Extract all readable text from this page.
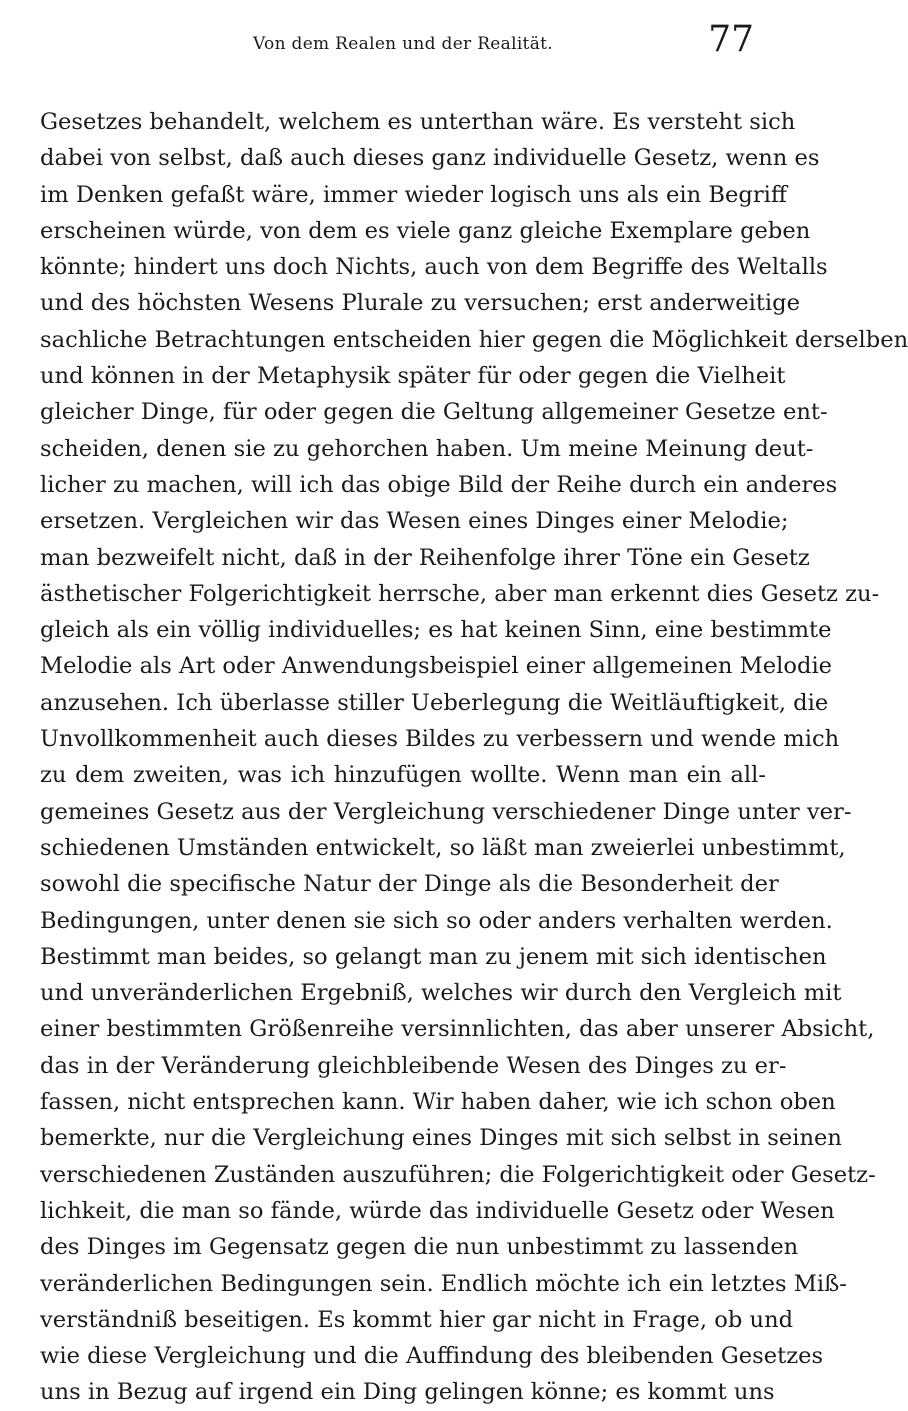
Von dem Realen und der Realität.	77
Gesetzes behandelt, welchem es unterthan wäre. Es versteht sich
dabei von selbst, daß auch dieses ganz individuelle Gesetz, wenn es
im Denken gefaßt wäre, immer wieder logisch uns als ein Begriff
erscheinen würde, von dem es viele ganz gleiche Exemplare geben
könnte; hindert uns doch Nichts, auch von dem Begriffe des Weltalls
und des höchsten Wesens Plurale zu versuchen; erst anderweitige
sachliche Betrachtungen entscheiden hier gegen die Möglichkeit derselben
und können in der Metaphysik später für oder gegen die Vielheit
gleicher Dinge, für oder gegen die Geltung allgemeiner Gesetze ent-
scheiden, denen sie zu gehorchen haben. Um meine Meinung deut-
licher zu machen, will ich das obige Bild der Reihe durch ein anderes
ersetzen. Vergleichen wir das Wesen eines Dinges einer Melodie;
man bezweifelt nicht, daß in der Reihenfolge ihrer Töne ein Gesetz
ästhetischer Folgerichtigkeit herrsche, aber man erkennt dies Gesetz zu-
gleich als ein völlig individuelles; es hat keinen Sinn, eine bestimmte
Melodie als Art oder Anwendungsbeispiel einer allgemeinen Melodie
anzusehen. Ich überlasse stiller Ueberlegung die Weitläuftigkeit, die
Unvollkommenheit auch dieses Bildes zu verbessern und wende mich
zu dem zweiten, was ich hinzufügen wollte. Wenn man ein all-
gemeines Gesetz aus der Vergleichung verschiedener Dinge unter ver-
schiedenen Umständen entwickelt, so läßt man zweierlei unbestimmt,
sowohl die specifische Natur der Dinge als die Besonderheit der
Bedingungen, unter denen sie sich so oder anders verhalten werden.
Bestimmt man beides, so gelangt man zu jenem mit sich identischen
und unveränderlichen Ergebniß, welches wir durch den Vergleich mit
einer bestimmten Größenreihe versinnlichten, das aber unserer Absicht,
das in der Veränderung gleichbleibende Wesen des Dinges zu er-
fassen, nicht entsprechen kann. Wir haben daher, wie ich schon oben
bemerkte, nur die Vergleichung eines Dinges mit sich selbst in seinen
verschiedenen Zuständen auszuführen; die Folgerichtigkeit oder Gesetz-
lichkeit, die man so fände, würde das individuelle Gesetz oder Wesen
des Dinges im Gegensatz gegen die nun unbestimmt zu lassenden
veränderlichen Bedingungen sein. Endlich möchte ich ein letztes Miß-
verständniß beseitigen. Es kommt hier gar nicht in Frage, ob und
wie diese Vergleichung und die Auffindung des bleibenden Gesetzes
uns in Bezug auf irgend ein Ding gelingen könne; es kommt uns
